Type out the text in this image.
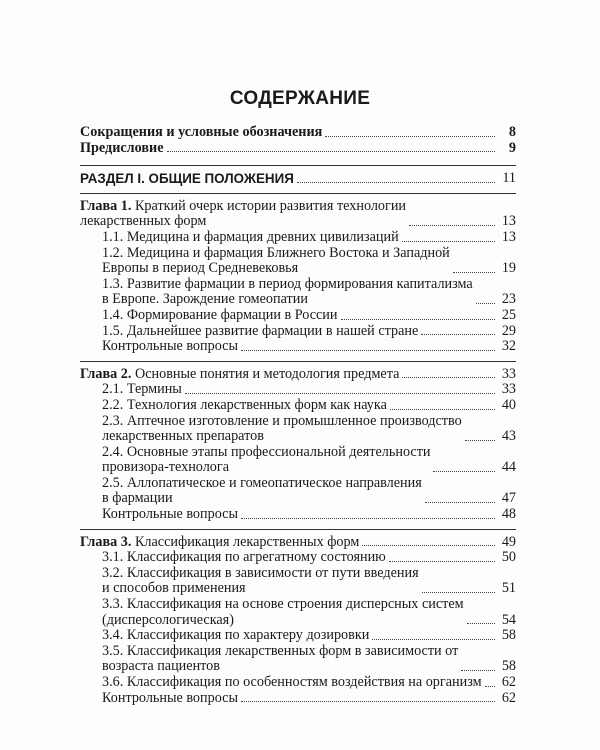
СОДЕРЖАНИЕ
Сокращения и условные обозначения	8
Предисловие	9
РАЗДЕЛ I. ОБЩИЕ ПОЛОЖЕНИЯ	11
Глава 1. Краткий очерк истории развития технологии
лекарственных форм	13
1.1. Медицина и фармация древних цивилизаций	13
1.2. Медицина и фармация Ближнего Востока и Западной
Европы в период Средневековья	19
1.3. Развитие фармации в период формирования капитализма
в Европе. Зарождение гомеопатии	23
1.4. Формирование фармации в России	25
1.5. Дальнейшее развитие фармации в нашей стране	29
Контрольные вопросы	32
Глава 2. Основные понятия и методология предмета	33
2.1. Термины	33
2.2. Технология лекарственных форм как наука	40
2.3. Аптечное изготовление и промышленное производство
лекарственных препаратов	43
2.4. Основные этапы профессиональной деятельности
провизора-технолога	44
2.5. Аллопатическое и гомеопатическое направления
в фармации	47
Контрольные вопросы	48
Глава 3. Классификация лекарственных форм	49
3.1. Классификация по агрегатному состоянию	50
3.2. Классификация в зависимости от пути введения
и способов применения	51
3.3. Классификация на основе строения дисперсных систем
(дисперсологическая)	54
3.4. Классификация по характеру дозировки	58
3.5. Классификация лекарственных форм в зависимости от
возраста пациентов	58
3.6. Классификация по особенностям воздействия на организм 62
Контрольные вопросы	62
